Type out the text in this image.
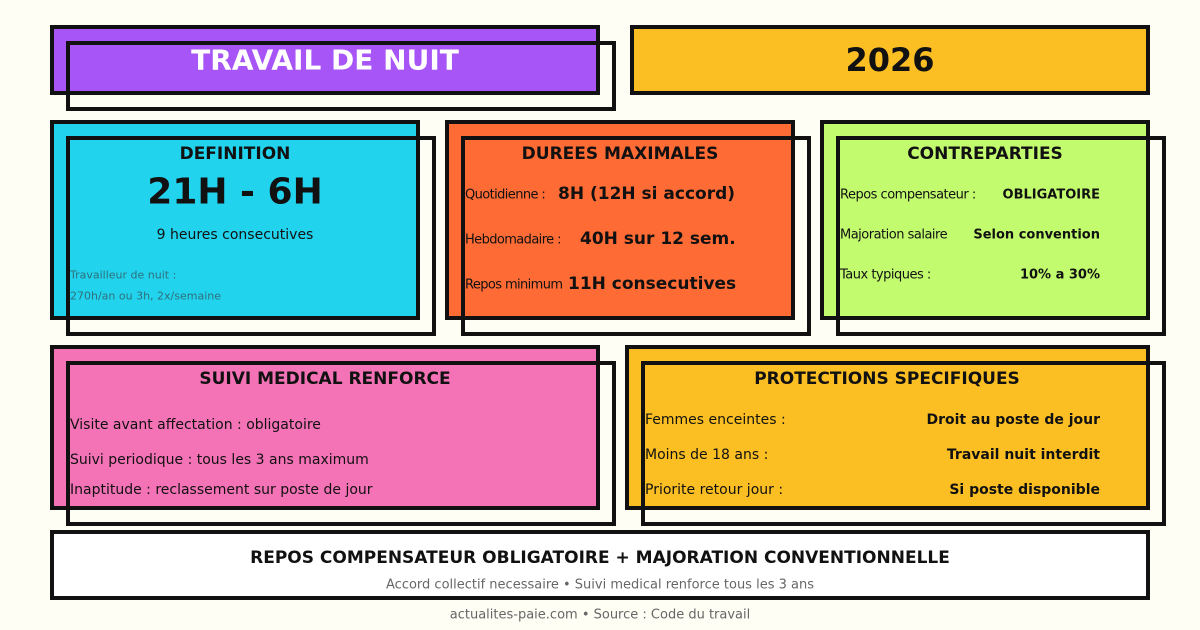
TRAVAIL DE NUIT	2026
DEFINITION
21H - 6H
9 heures consecutives
Travailleur de nuit :
270h/an ou 3h, 2x/semaine
DUREES MAXIMALES
Quotidienne : 8H (12H si accord)
Hebdomadaire : 40H sur 12 sem.
Repos minimum 11H consecutives
CONTREPARTIES
Repos compensateur : OBLIGATOIRE
Majoration salaire Selon convention
Taux typiques :	10% a 30%
SUIVI MEDICAL RENFORCE
Visite avant affectation : obligatoire
Suivi periodique : tous les 3 ans maximum
Inaptitude : reclassement sur poste de jour
PROTECTIONS SPECIFIQUES
Femmes enceintes :	Droit au poste de jour
Moins de 18 ans :	Travail nuit interdit
Priorite retour jour :	Si poste disponible
REPOS COMPENSATEUR OBLIGATOIRE + MAJORATION CONVENTIONNELLE
Accord collectif necessaire • Suivi medical renforce tous les 3 ans
actualites-paie.com • Source : Code du travail
